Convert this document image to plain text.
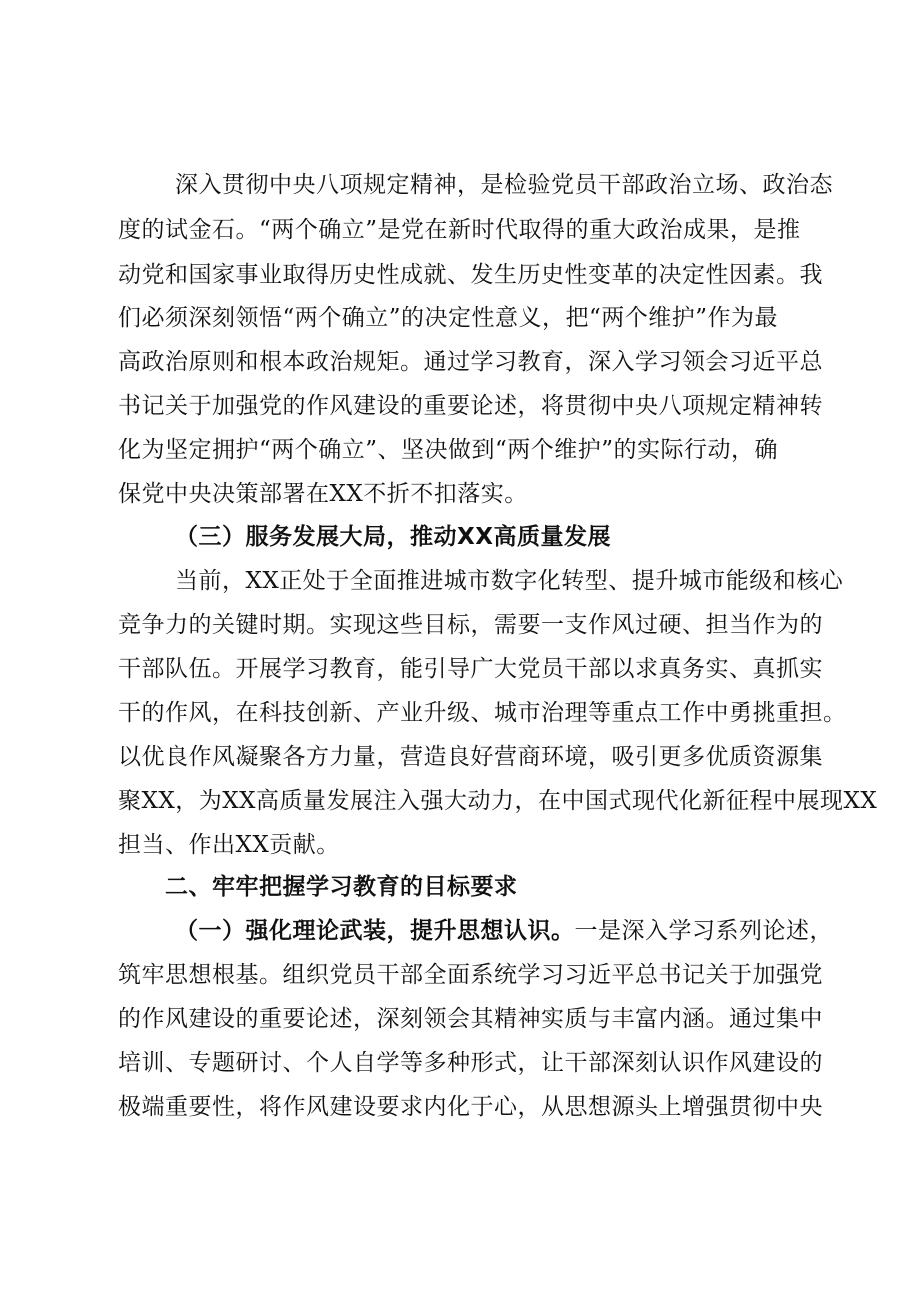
深入贯彻中央八项规定精神，是检验党员干部政治立场、政治态
度的试金石。“两个确立”是党在新时代取得的重大政治成果，是推
动党和国家事业取得历史性成就、发生历史性变革的决定性因素。我
们必须深刻领悟“两个确立”的决定性意义，把“两个维护”作为最
高政治原则和根本政治规矩。通过学习教育，深入学习领会习近平总
书记关于加强党的作风建设的重要论述，将贯彻中央八项规定精神转
化为坚定拥护“两个确立”、坚决做到“两个维护”的实际行动，确
保党中央决策部署在XX不折不扣落实。
（三）服务发展大局，推动XX高质量发展
当前，XX正处于全面推进城市数字化转型、提升城市能级和核心
竞争力的关键时期。实现这些目标，需要一支作风过硬、担当作为的
干部队伍。开展学习教育，能引导广大党员干部以求真务实、真抓实
干的作风，在科技创新、产业升级、城市治理等重点工作中勇挑重担。
以优良作风凝聚各方力量，营造良好营商环境，吸引更多优质资源集
聚XX，为XX高质量发展注入强大动力，在中国式现代化新征程中展现XX
担当、作出XX贡献。
二、牢牢把握学习教育的目标要求
（一）强化理论武装，提升思想认识。一是深入学习系列论述，
筑牢思想根基。组织党员干部全面系统学习习近平总书记关于加强党
的作风建设的重要论述，深刻领会其精神实质与丰富内涵。通过集中
培训、专题研讨、个人自学等多种形式，让干部深刻认识作风建设的
极端重要性，将作风建设要求内化于心，从思想源头上增强贯彻中央
